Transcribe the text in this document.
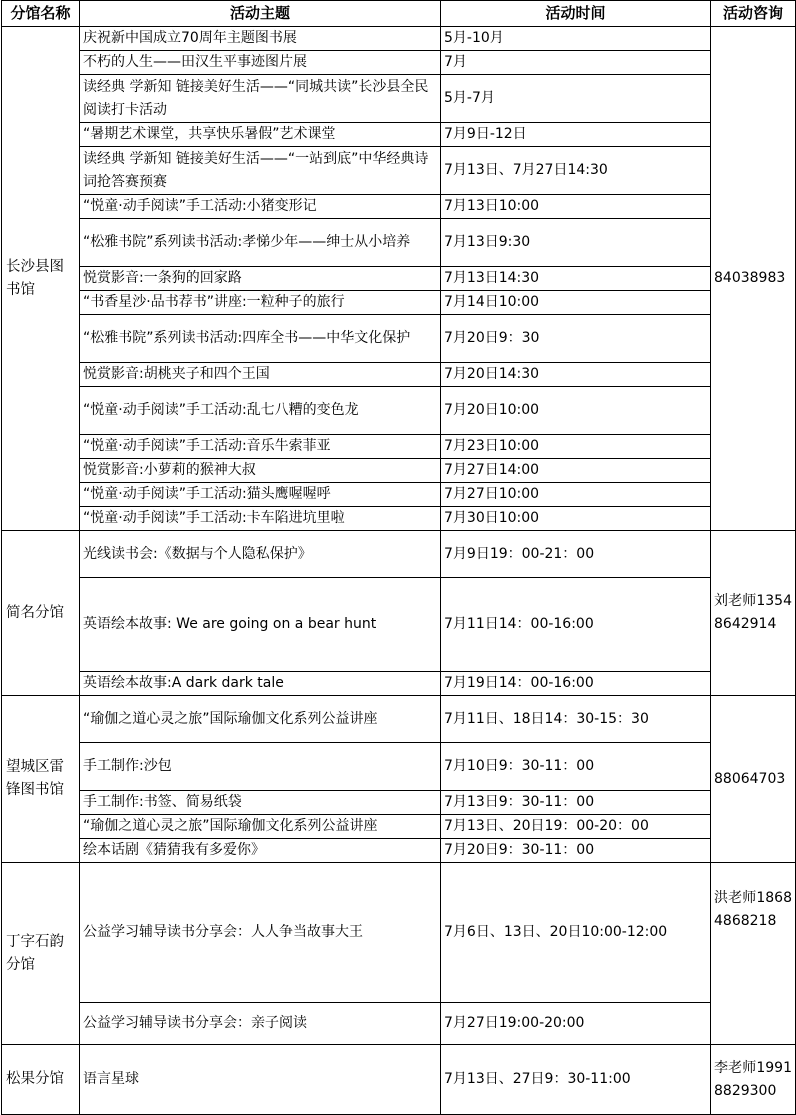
分馆名称	活动主题	活动时间	活动咨询
长沙县图书馆	庆祝新中国成立70周年主题图书展	5月-10月	84038983
	不朽的人生——田汉生平事迹图片展	7月	
	读经典 学新知 链接美好生活——“同城共读”长沙县全民阅读打卡活动	5月-7月	
	“暑期艺术课堂，共享快乐暑假”艺术课堂	7月9日-12日	
	读经典 学新知 链接美好生活——“一站到底”中华经典诗词抢答赛预赛	7月13日、7月27日14:30	
	“悦童·动手阅读”手工活动:小猪变形记	7月13日10:00	
	“松雅书院”系列读书活动:孝悌少年——绅士从小培养	7月13日9:30	
	悦赏影音:一条狗的回家路	7月13日14:30	
	“书香星沙·品书荐书”讲座:一粒种子的旅行	7月14日10:00	
	“松雅书院”系列读书活动:四库全书——中华文化保护	7月20日9：30	
	悦赏影音:胡桃夹子和四个王国	7月20日14:30	
	“悦童·动手阅读”手工活动:乱七八糟的变色龙	7月20日10:00	
	“悦童·动手阅读”手工活动:音乐牛索菲亚	7月23日10:00	
	悦赏影音:小萝莉的猴神大叔	7月27日14:00	
	“悦童·动手阅读”手工活动:猫头鹰喔喔呼	7月27日10:00	
	“悦童·动手阅读”手工活动:卡车陷进坑里啦	7月30日10:00	
简名分馆	光线读书会:《数据与个人隐私保护》	7月9日19：00-21：00	刘老师13548642914
	英语绘本故事: We are going on a bear hunt	7月11日14：00-16:00	
	英语绘本故事:A dark dark tale	7月19日14：00-16:00	
望城区雷锋图书馆	“瑜伽之道心灵之旅”国际瑜伽文化系列公益讲座	7月11日、18日14：30-15：30	88064703
	手工制作:沙包	7月10日9：30-11：00	
	手工制作:书签、简易纸袋	7月13日9：30-11：00	
	“瑜伽之道心灵之旅”国际瑜伽文化系列公益讲座	7月13日、20日19：00-20：00	
	绘本话剧《猜猜我有多爱你》	7月20日9：30-11：00	
丁字石韵分馆	公益学习辅导读书分享会：人人争当故事大王	7月6日、13日、20日10:00-12:00	洪老师18684868218
	公益学习辅导读书分享会：亲子阅读	7月27日19:00-20:00	
松果分馆	语言星球	7月13日、27日9：30-11:00	李老师19918829300
